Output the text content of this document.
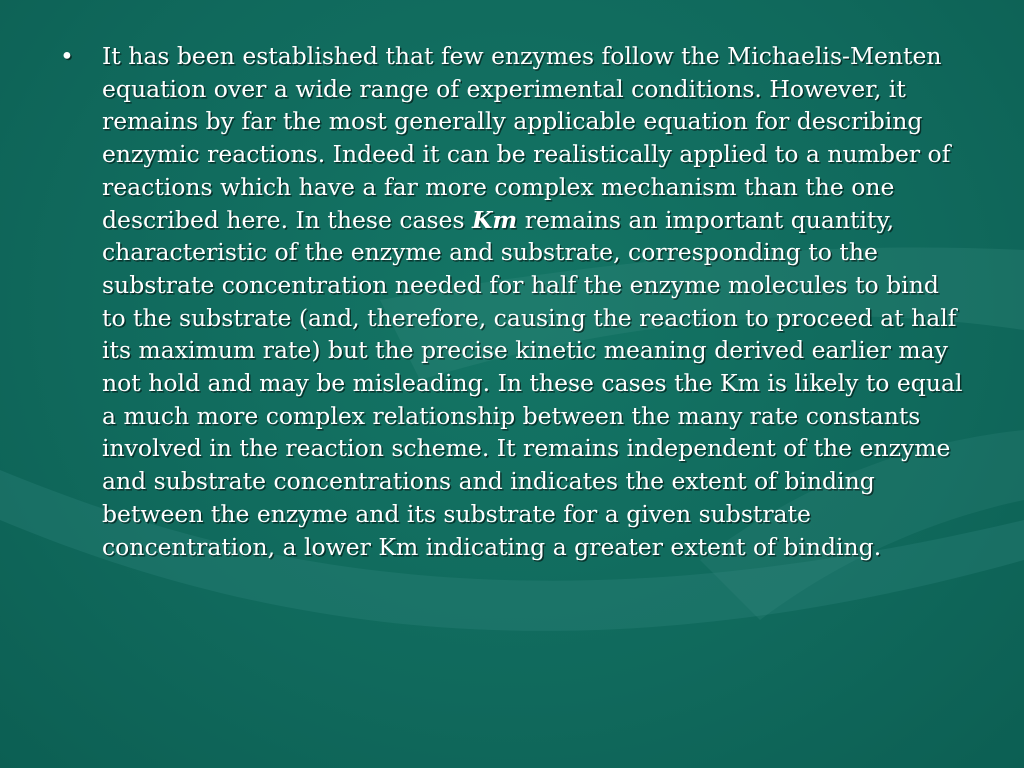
• It has been established that few enzymes follow the Michaelis-Menten equation over a wide range of experimental conditions. However, it remains by far the most generally applicable equation for describing enzymic reactions. Indeed it can be realistically applied to a number of reactions which have a far more complex mechanism than the one described here. In these cases Km remains an important quantity, characteristic of the enzyme and substrate, corresponding to the substrate concentration needed for half the enzyme molecules to bind to the substrate (and, therefore, causing the reaction to proceed at half its maximum rate) but the precise kinetic meaning derived earlier may not hold and may be misleading. In these cases the Km is likely to equal a much more complex relationship between the many rate constants involved in the reaction scheme. It remains independent of the enzyme and substrate concentrations and indicates the extent of binding between the enzyme and its substrate for a given substrate concentration, a lower Km indicating a greater extent of binding.
